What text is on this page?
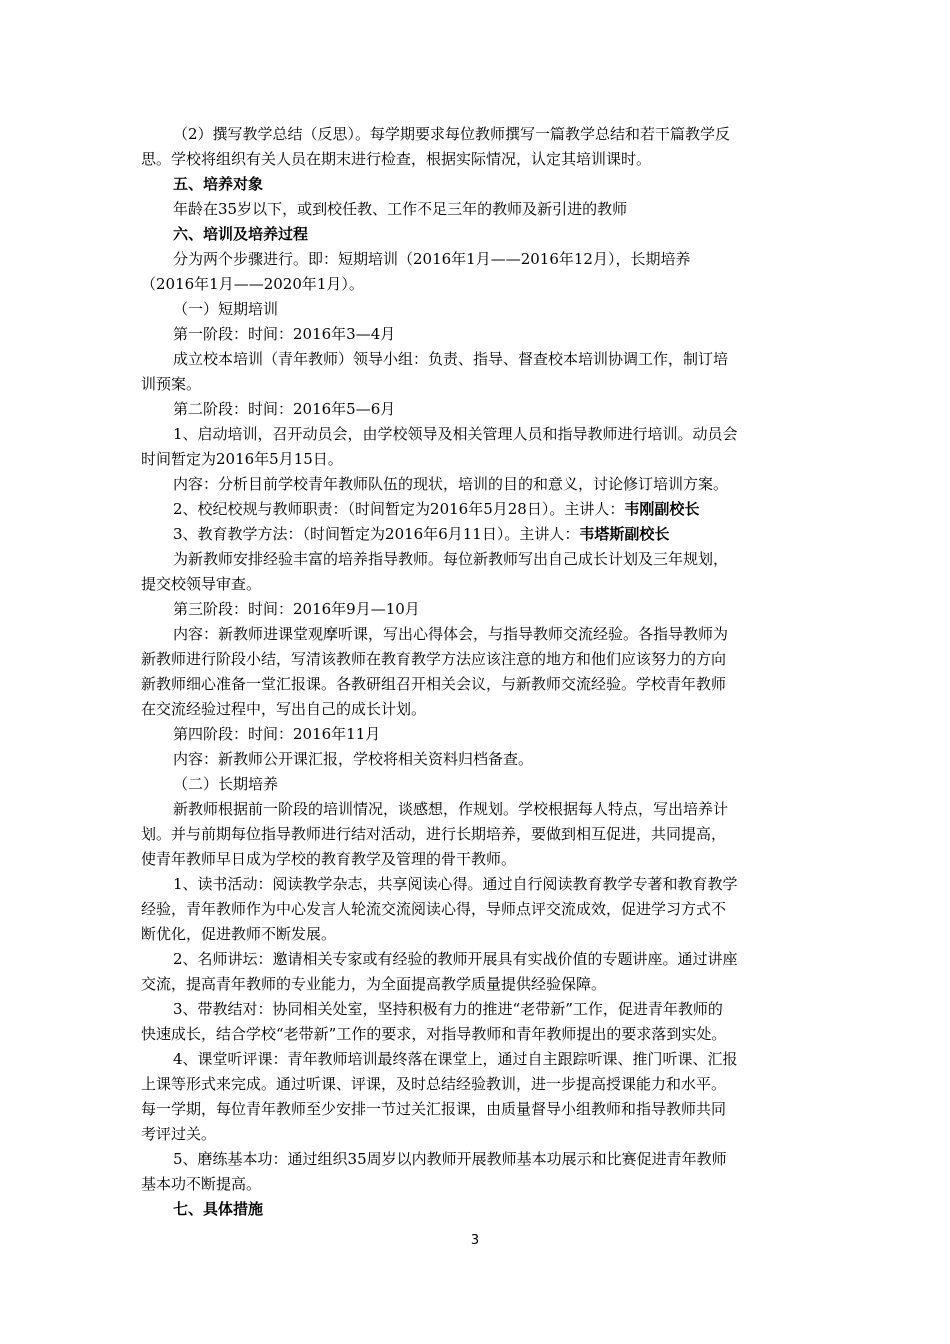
（2）撰写教学总结（反思）。每学期要求每位教师撰写一篇教学总结和若干篇教学反
思。学校将组织有关人员在期末进行检查，根据实际情况，认定其培训课时。
五、培养对象
年龄在35岁以下，或到校任教、工作不足三年的教师及新引进的教师
六、培训及培养过程
分为两个步骤进行。即：短期培训（2016年1月——2016年12月），长期培养
（2016年1月——2020年1月）。
（一）短期培训
第一阶段：时间：2016年3—4月
成立校本培训（青年教师）领导小组：负责、指导、督查校本培训协调工作，制订培
训预案。
第二阶段：时间：2016年5—6月
1、启动培训，召开动员会，由学校领导及相关管理人员和指导教师进行培训。动员会
时间暂定为2016年5月15日。
内容：分析目前学校青年教师队伍的现状，培训的目的和意义，讨论修订培训方案。
2、校纪校规与教师职责：（时间暂定为2016年5月28日）。主讲人：韦刚副校长
3、教育教学方法：（时间暂定为2016年6月11日）。主讲人：韦塔斯副校长
为新教师安排经验丰富的培养指导教师。每位新教师写出自己成长计划及三年规划，
提交校领导审查。
第三阶段：时间：2016年9月—10月
内容：新教师进课堂观摩听课，写出心得体会，与指导教师交流经验。各指导教师为
新教师进行阶段小结，写清该教师在教育教学方法应该注意的地方和他们应该努力的方向
新教师细心准备一堂汇报课。各教研组召开相关会议，与新教师交流经验。学校青年教师
在交流经验过程中，写出自己的成长计划。
第四阶段：时间：2016年11月
内容：新教师公开课汇报，学校将相关资料归档备查。
（二）长期培养
新教师根据前一阶段的培训情况，谈感想，作规划。学校根据每人特点，写出培养计
划。并与前期每位指导教师进行结对活动，进行长期培养，要做到相互促进，共同提高，
使青年教师早日成为学校的教育教学及管理的骨干教师。
1、读书活动：阅读教学杂志，共享阅读心得。通过自行阅读教育教学专著和教育教学
经验，青年教师作为中心发言人轮流交流阅读心得，导师点评交流成效，促进学习方式不
断优化，促进教师不断发展。
2、名师讲坛：邀请相关专家或有经验的教师开展具有实战价值的专题讲座。通过讲座
交流，提高青年教师的专业能力，为全面提高教学质量提供经验保障。
3、带教结对：协同相关处室，坚持积极有力的推进“老带新”工作，促进青年教师的
快速成长，结合学校“老带新”工作的要求，对指导教师和青年教师提出的要求落到实处。
4、课堂听评课：青年教师培训最终落在课堂上，通过自主跟踪听课、推门听课、汇报
上课等形式来完成。通过听课、评课，及时总结经验教训，进一步提高授课能力和水平。
每一学期，每位青年教师至少安排一节过关汇报课，由质量督导小组教师和指导教师共同
考评过关。
5、磨练基本功：通过组织35周岁以内教师开展教师基本功展示和比赛促进青年教师
基本功不断提高。
七、具体措施
3
